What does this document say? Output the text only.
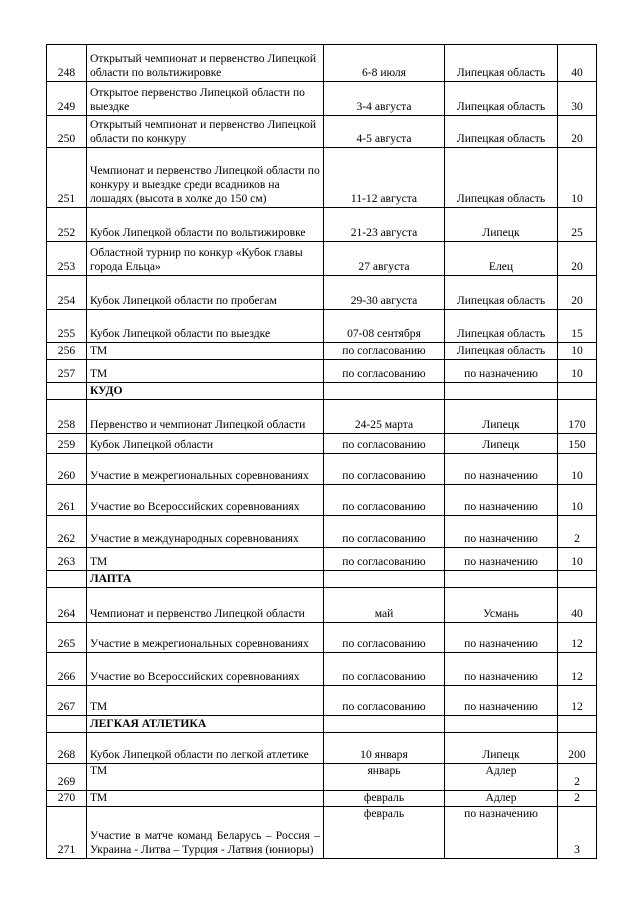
248	Открытый чемпионат и первенство Липецкой области по вольтижировке	6-8 июля	Липецкая область	40
249	Открытое первенство Липецкой области по выездке	3-4 августа	Липецкая область	30
250	Открытый чемпионат и первенство Липецкой области по конкуру	4-5 августа	Липецкая область	20
251	Чемпионат и первенство Липецкой области по конкуру и выездке среди всадников на лошадях (высота в холке до 150 см)	11-12 августа	Липецкая область	10
252	Кубок Липецкой области по вольтижировке	21-23 августа	Липецк	25
253	Областной турнир по конкур «Кубок главы города Ельца»	27 августа	Елец	20
254	Кубок Липецкой области по пробегам	29-30 августа	Липецкая область	20
255	Кубок Липецкой области по выездке	07-08 сентября	Липецкая область	15
256	ТМ	по согласованию	Липецкая область	10
257	ТМ	по согласованию	по назначению	10
	КУДО			
258	Первенство и чемпионат Липецкой области	24-25 марта	Липецк	170
259	Кубок Липецкой области	по согласованию	Липецк	150
260	Участие в межрегиональных соревнованиях	по согласованию	по назначению	10
261	Участие во Всероссийских соревнованиях	по согласованию	по назначению	10
262	Участие в международных соревнованиях	по согласованию	по назначению	2
263	ТМ	по согласованию	по назначению	10
	ЛАПТА			
264	Чемпионат и первенство Липецкой области	май	Усмань	40
265	Участие в межрегиональных соревнованиях	по согласованию	по назначению	12
266	Участие во Всероссийских соревнованиях	по согласованию	по назначению	12
267	ТМ	по согласованию	по назначению	12
	ЛЕГКАЯ АТЛЕТИКА			
268	Кубок Липецкой области по легкой атлетике	10 января	Липецк	200
269	ТМ	январь	Адлер	2
270	ТМ	февраль	Адлер	2
271	Участие в матче команд Беларусь – Россия – Украина - Литва – Турция - Латвия (юниоры)	февраль	по назначению	3
